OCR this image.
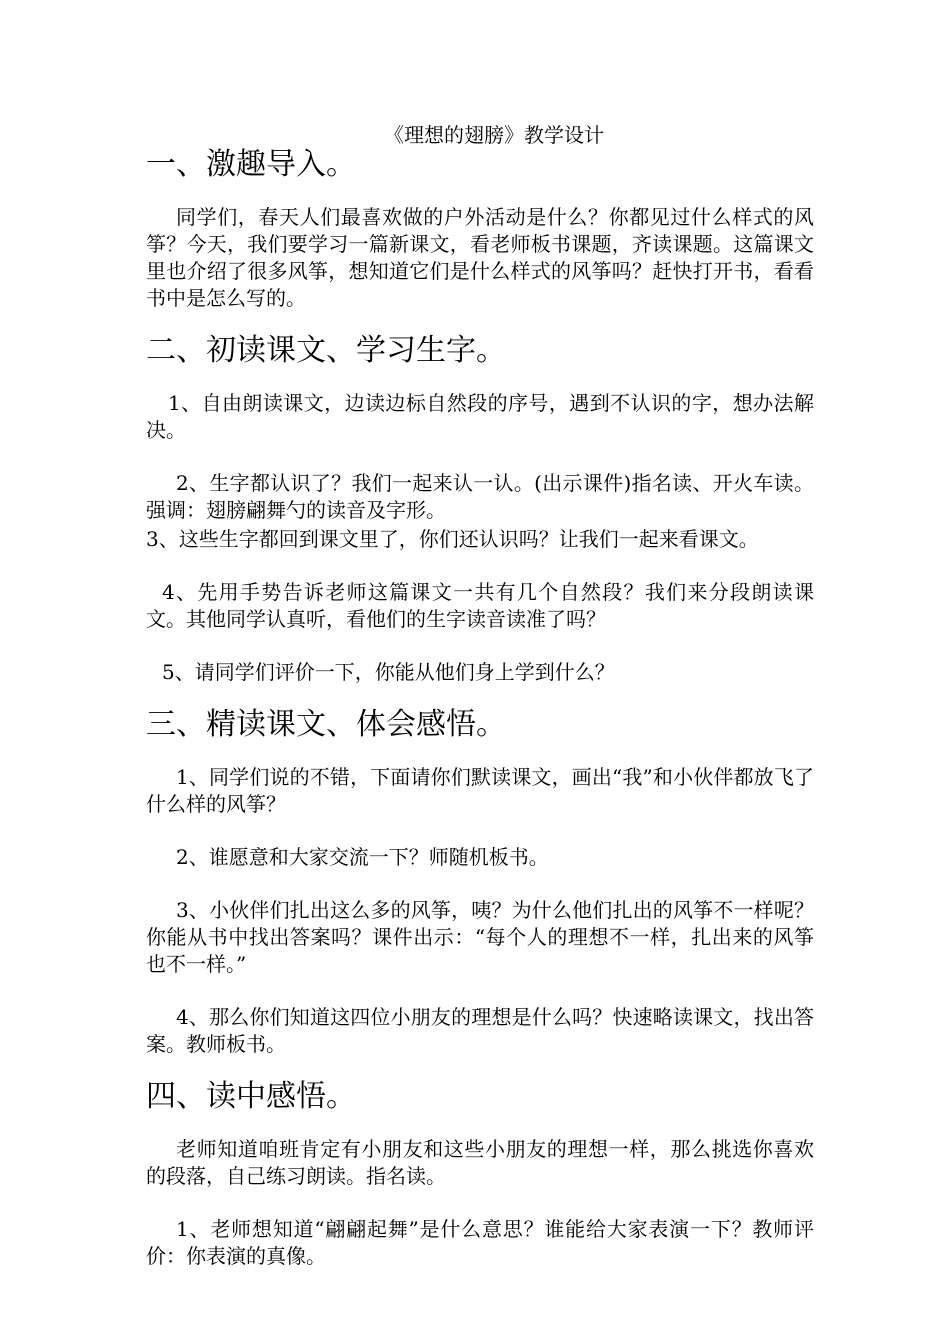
《理想的翅膀》教学设计
一、激趣导入。

同学们，春天人们最喜欢做的户外活动是什么？你都见过什么样式的风筝？今天，我们要学习一篇新课文，看老师板书课题，齐读课题。这篇课文里也介绍了很多风筝，想知道它们是什么样式的风筝吗？赶快打开书，看看书中是怎么写的。

二、初读课文、学习生字。

1、自由朗读课文，边读边标自然段的序号，遇到不认识的字，想办法解决。

2、生字都认识了？我们一起来认一认。(出示课件)指名读、开火车读。强调：翅膀翩舞勺的读音及字形。

3、这些生字都回到课文里了，你们还认识吗？让我们一起来看课文。

4、先用手势告诉老师这篇课文一共有几个自然段？我们来分段朗读课文。其他同学认真听，看他们的生字读音读准了吗？

5、请同学们评价一下，你能从他们身上学到什么？

三、精读课文、体会感悟。

1、同学们说的不错，下面请你们默读课文，画出“我”和小伙伴都放飞了什么样的风筝？

2、谁愿意和大家交流一下？师随机板书。

3、小伙伴们扎出这么多的风筝，咦？为什么他们扎出的风筝不一样呢？你能从书中找出答案吗？课件出示：“每个人的理想不一样，扎出来的风筝也不一样。”

4、那么你们知道这四位小朋友的理想是什么吗？快速略读课文，找出答案。教师板书。

四、读中感悟。

老师知道咱班肯定有小朋友和这些小朋友的理想一样，那么挑选你喜欢的段落，自己练习朗读。指名读。

1、老师想知道“翩翩起舞”是什么意思？谁能给大家表演一下？教师评价：你表演的真像。
